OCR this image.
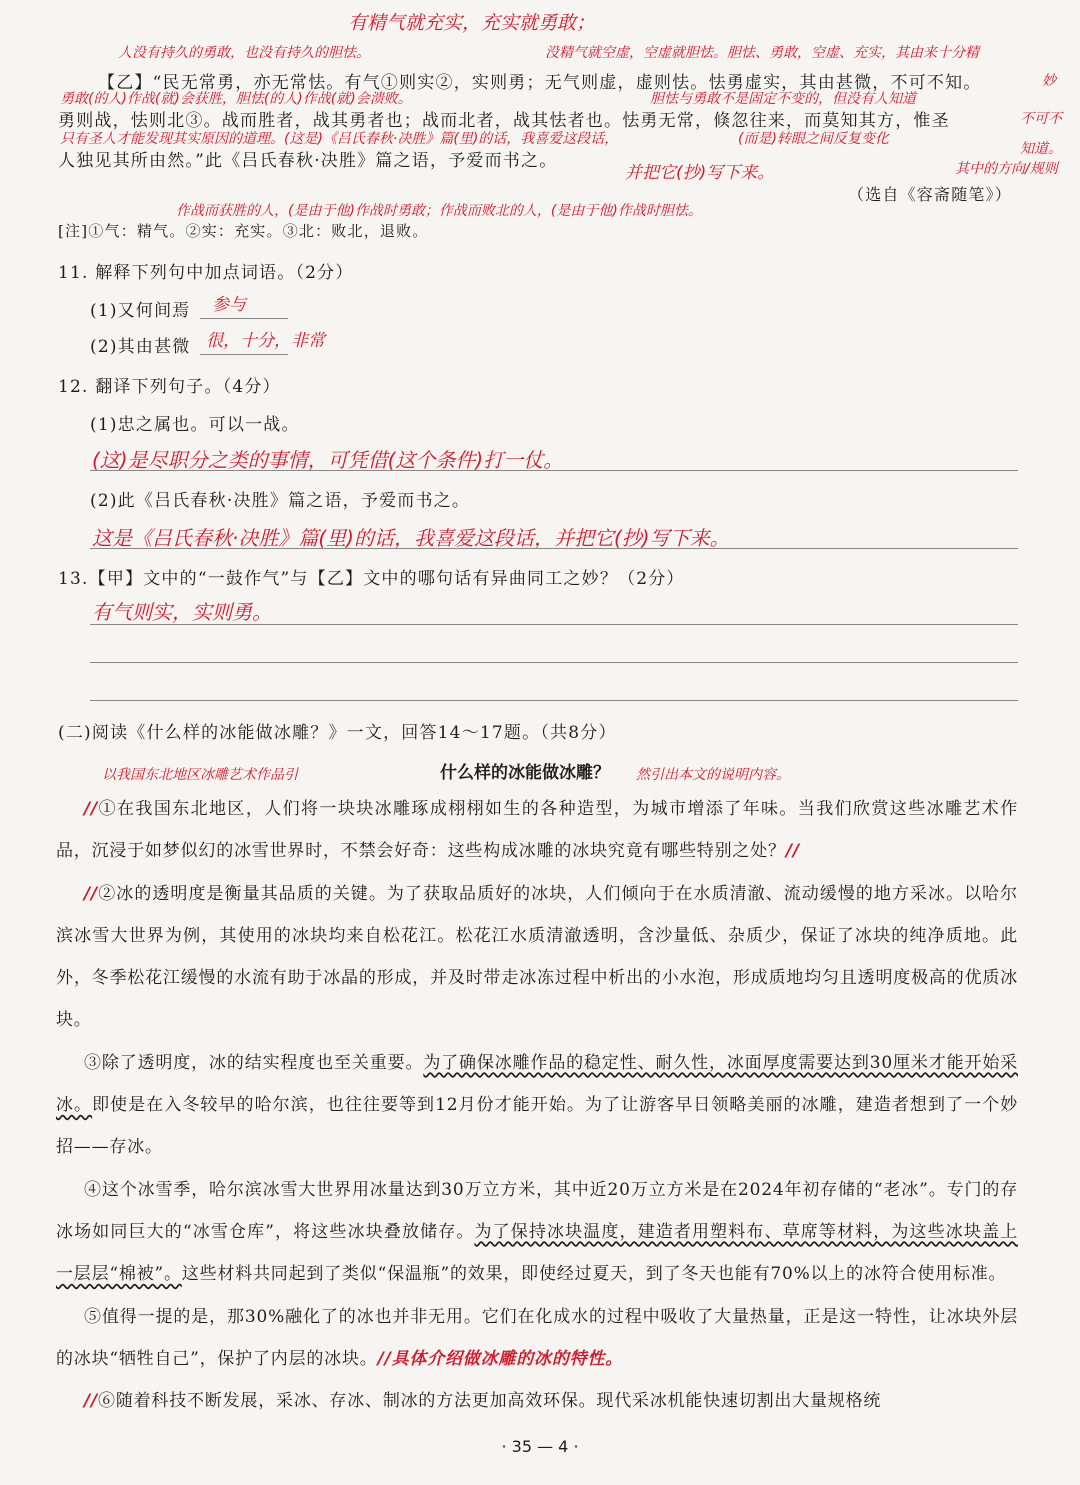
有精气就充实，充实就勇敢；
人没有持久的勇敢，也没有持久的胆怯。	没精气就空虚，空虚就胆怯。胆怯、勇敢，空虚、充实，其由来十分精
妙
【乙】“民无常勇，亦无常怯。有气①则实②，实则勇；无气则虚，虚则怯。怯勇虚实，其由甚微，不可不知。
勇敢(的人)作战(就)会获胜，胆怯(的人)作战(就)会溃败。	胆怯与勇敢不是固定不变的，但没有人知道
不可不
勇则战，怯则北③。战而胜者，战其勇者也；战而北者，战其怯者也。怯勇无常，倏忽往来，而莫知其方，惟圣
只有圣人才能发现其实原因的道理。(这是)《吕氏春秋·决胜》篇(里)的话，我喜爱这段话，	(而是)转眼之间反复变化
知道。
人独见其所由然。”此《吕氏春秋·决胜》篇之语，予爱而书之。
并把它(抄)写下来。	其中的方向/规则
（选自《容斋随笔》）
作战而获胜的人，(是由于他)作战时勇敢；作战而败北的人，(是由于他)作战时胆怯。
[注]①气：精气。②实：充实。③北：败北，退败。
11. 解释下列句中加点词语。（2分）
(1)又何间焉 参与
(2)其由甚微 很，十分，非常
12. 翻译下列句子。（4分）
(1)忠之属也。可以一战。
(这)是尽职分之类的事情，可凭借(这个条件)打一仗。
(2)此《吕氏春秋·决胜》篇之语，予爱而书之。
这是《吕氏春秋·决胜》篇(里)的话，我喜爱这段话，并把它(抄)写下来。
13.【甲】文中的“一鼓作气”与【乙】文中的哪句话有异曲同工之妙？（2分）
有气则实，实则勇。
(二)阅读《什么样的冰能做冰雕？》一文，回答14～17题。（共8分）
以我国东北地区冰雕艺术作品引	什么样的冰能做冰雕？ 然引出本文的说明内容。

//①在我国东北地区，人们将一块块冰雕琢成栩栩如生的各种造型，为城市增添了年味。当我们欣赏这些冰雕艺术作品，沉浸于如梦似幻的冰雪世界时，不禁会好奇：这些构成冰雕的冰块究竟有哪些特别之处？//

//②冰的透明度是衡量其品质的关键。为了获取品质好的冰块，人们倾向于在水质清澈、流动缓慢的地方采冰。以哈尔滨冰雪大世界为例，其使用的冰块均来自松花江。松花江水质清澈透明，含沙量低、杂质少，保证了冰块的纯净质地。此外，冬季松花江缓慢的水流有助于冰晶的形成，并及时带走冰冻过程中析出的小水泡，形成质地均匀且透明度极高的优质冰块。

③除了透明度，冰的结实程度也至关重要。为了确保冰雕作品的稳定性、耐久性，冰面厚度需要达到30厘米才能开始采冰。即使是在入冬较早的哈尔滨，也往往要等到12月份才能开始。为了让游客早日领略美丽的冰雕，建造者想到了一个妙招——存冰。

④这个冰雪季，哈尔滨冰雪大世界用冰量达到30万立方米，其中近20万立方米是在2024年初存储的“老冰”。专门的存冰场如同巨大的“冰雪仓库”，将这些冰块叠放储存。为了保持冰块温度，建造者用塑料布、草席等材料，为这些冰块盖上一层层“棉被”。这些材料共同起到了类似“保温瓶”的效果，即使经过夏天，到了冬天也能有70%以上的冰符合使用标准。

⑤值得一提的是，那30%融化了的冰也并非无用。它们在化成水的过程中吸收了大量热量，正是这一特性，让冰块外层的冰块“牺牲自己”，保护了内层的冰块。//具体介绍做冰雕的冰的特性。

//⑥随着科技不断发展，采冰、存冰、制冰的方法更加高效环保。现代采冰机能快速切割出大量规格统

· 35 — 4 ·
